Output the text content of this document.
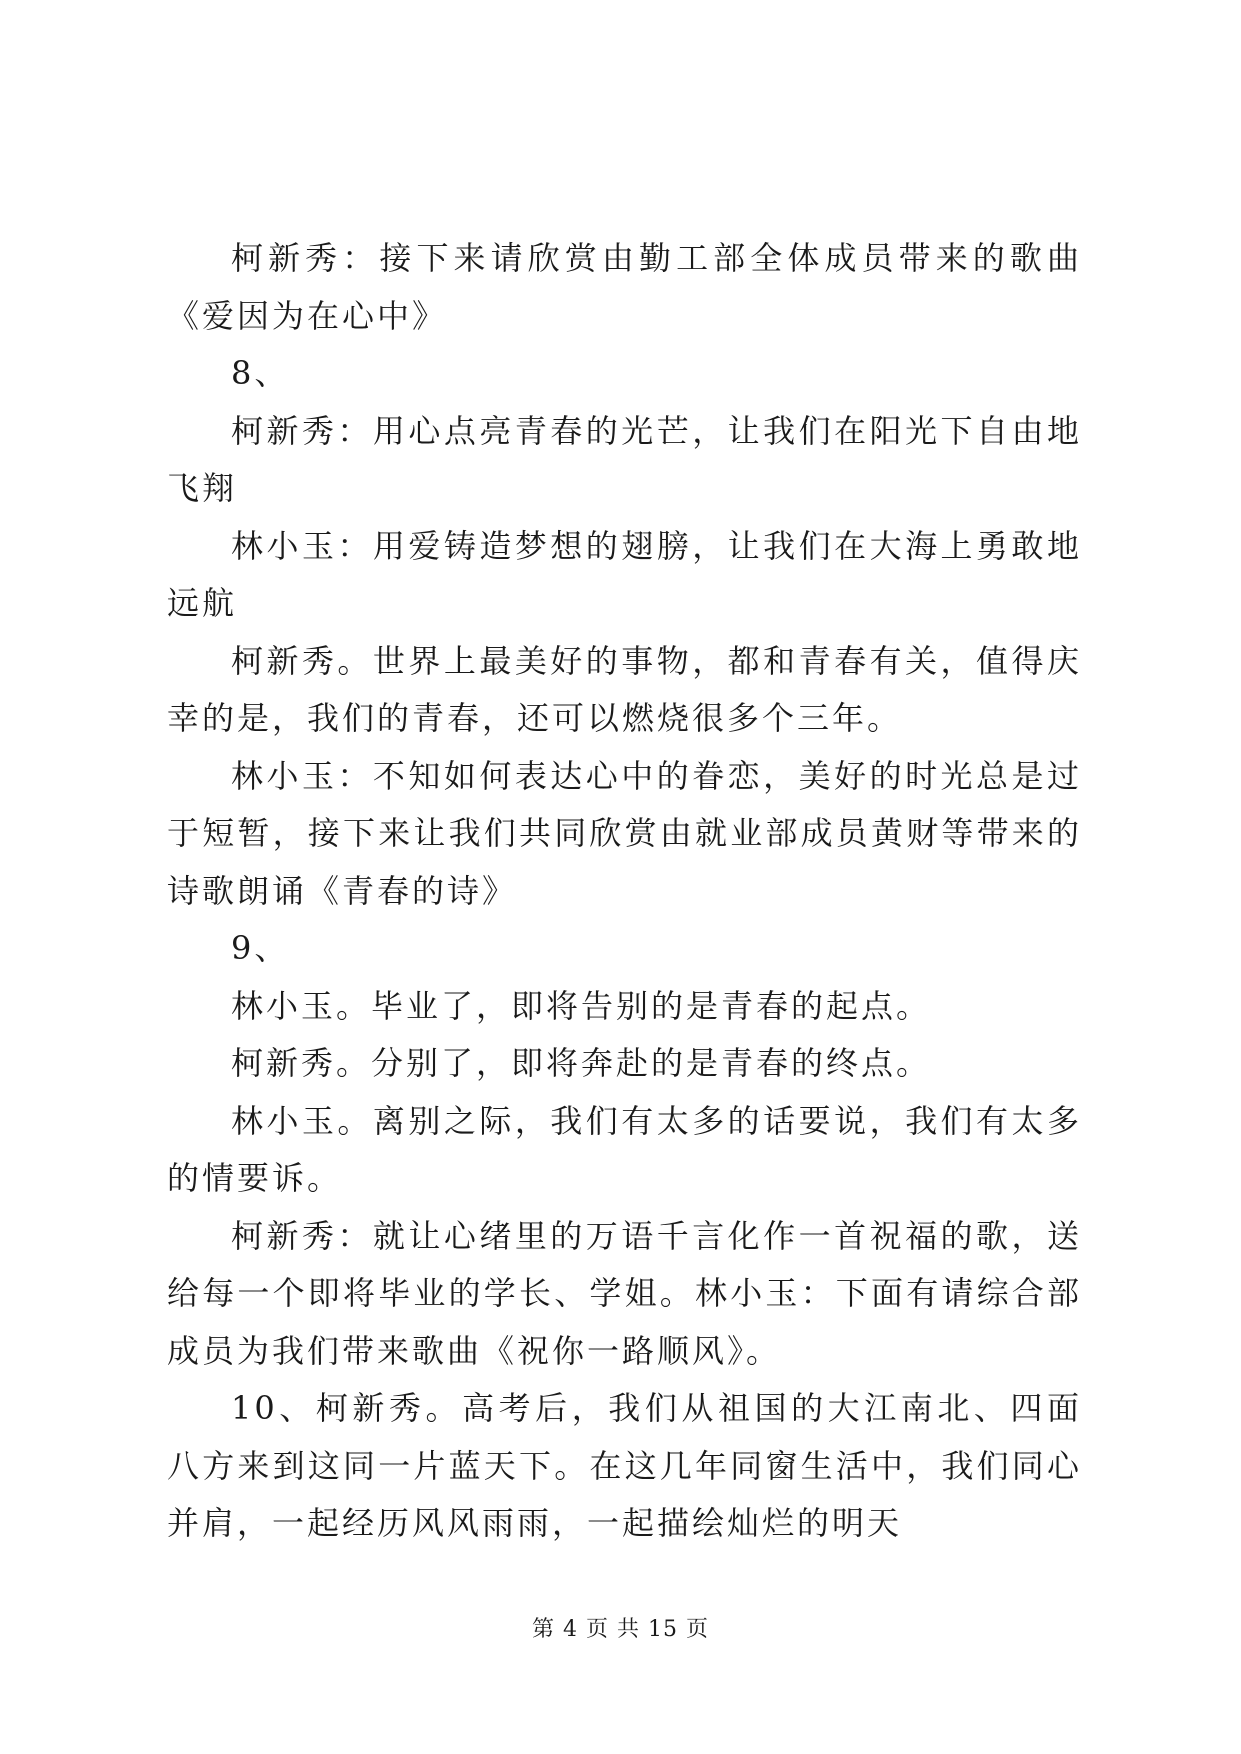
柯新秀：接下来请欣赏由勤工部全体成员带来的歌曲《爱因为在心中》

8、

柯新秀：用心点亮青春的光芒，让我们在阳光下自由地飞翔

林小玉：用爱铸造梦想的翅膀，让我们在大海上勇敢地远航

柯新秀。世界上最美好的事物，都和青春有关，值得庆幸的是，我们的青春，还可以燃烧很多个三年。

林小玉：不知如何表达心中的眷恋，美好的时光总是过于短暂，接下来让我们共同欣赏由就业部成员黄财等带来的诗歌朗诵《青春的诗》

9、

林小玉。毕业了，即将告别的是青春的起点。

柯新秀。分别了，即将奔赴的是青春的终点。

林小玉。离别之际，我们有太多的话要说，我们有太多的情要诉。

柯新秀：就让心绪里的万语千言化作一首祝福的歌，送给每一个即将毕业的学长、学姐。林小玉：下面有请综合部成员为我们带来歌曲《祝你一路顺风》。

10、柯新秀。高考后，我们从祖国的大江南北、四面八方来到这同一片蓝天下。在这几年同窗生活中，我们同心并肩，一起经历风风雨雨，一起描绘灿烂的明天

第 4 页 共 15 页
